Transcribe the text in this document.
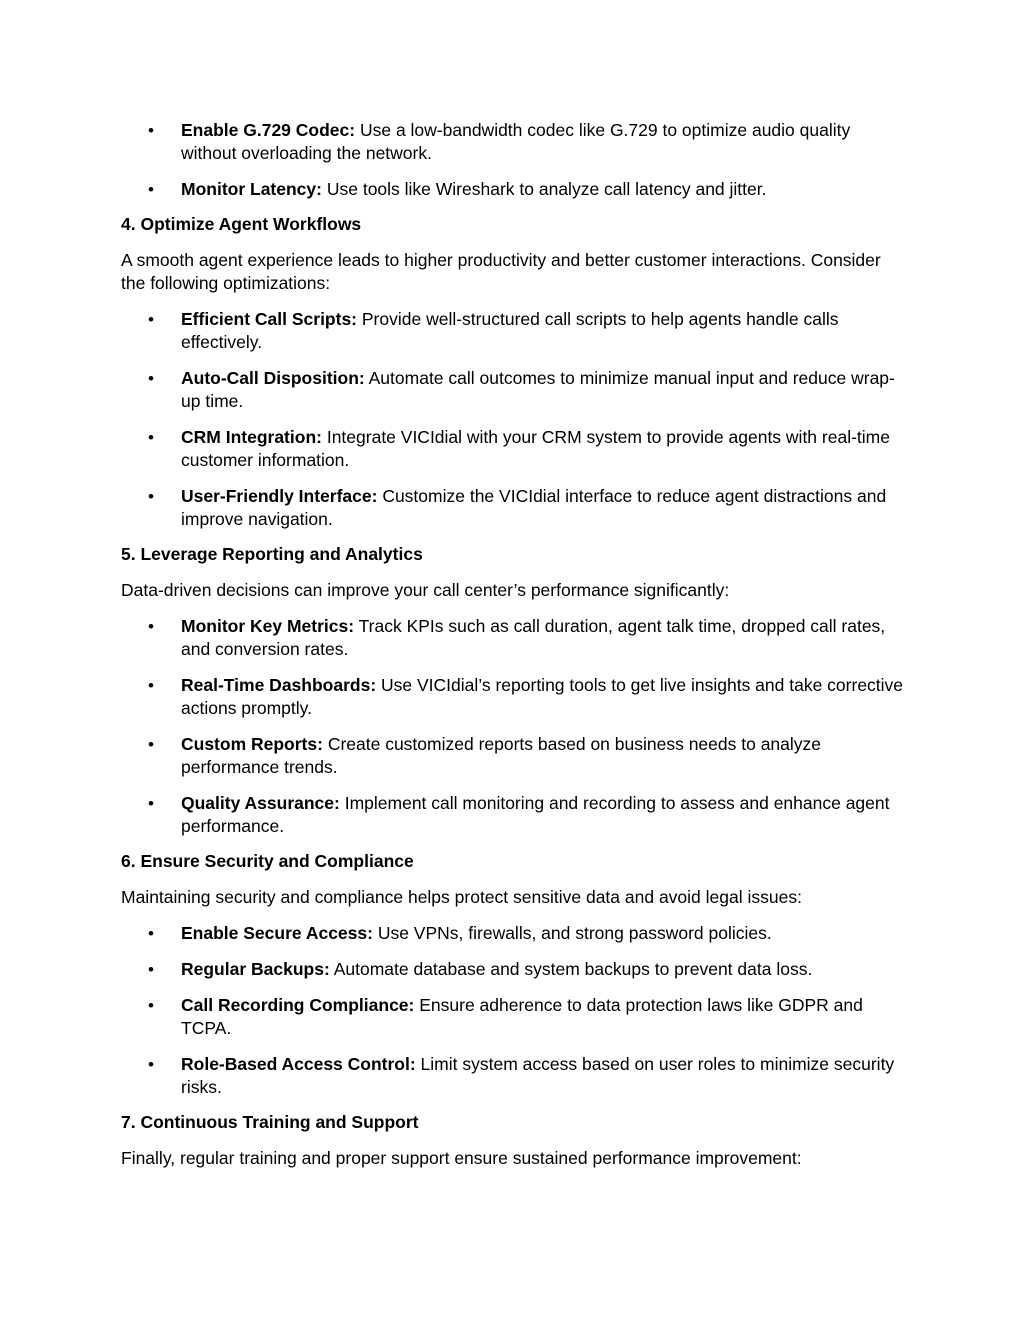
• Enable G.729 Codec: Use a low-bandwidth codec like G.729 to optimize audio quality without overloading the network.
• Monitor Latency: Use tools like Wireshark to analyze call latency and jitter.
4. Optimize Agent Workflows

A smooth agent experience leads to higher productivity and better customer interactions. Consider the following optimizations:

• Efficient Call Scripts: Provide well-structured call scripts to help agents handle calls effectively.
• Auto-Call Disposition: Automate call outcomes to minimize manual input and reduce wrap-up time.
• CRM Integration: Integrate VICIdial with your CRM system to provide agents with real-time customer information.
• User-Friendly Interface: Customize the VICIdial interface to reduce agent distractions and improve navigation.
5. Leverage Reporting and Analytics

Data-driven decisions can improve your call center’s performance significantly:

• Monitor Key Metrics: Track KPIs such as call duration, agent talk time, dropped call rates, and conversion rates.
• Real-Time Dashboards: Use VICIdial’s reporting tools to get live insights and take corrective actions promptly.
• Custom Reports: Create customized reports based on business needs to analyze performance trends.
• Quality Assurance: Implement call monitoring and recording to assess and enhance agent performance.
6. Ensure Security and Compliance

Maintaining security and compliance helps protect sensitive data and avoid legal issues:

• Enable Secure Access: Use VPNs, firewalls, and strong password policies.
• Regular Backups: Automate database and system backups to prevent data loss.
• Call Recording Compliance: Ensure adherence to data protection laws like GDPR and TCPA.
• Role-Based Access Control: Limit system access based on user roles to minimize security risks.
7. Continuous Training and Support

Finally, regular training and proper support ensure sustained performance improvement:
